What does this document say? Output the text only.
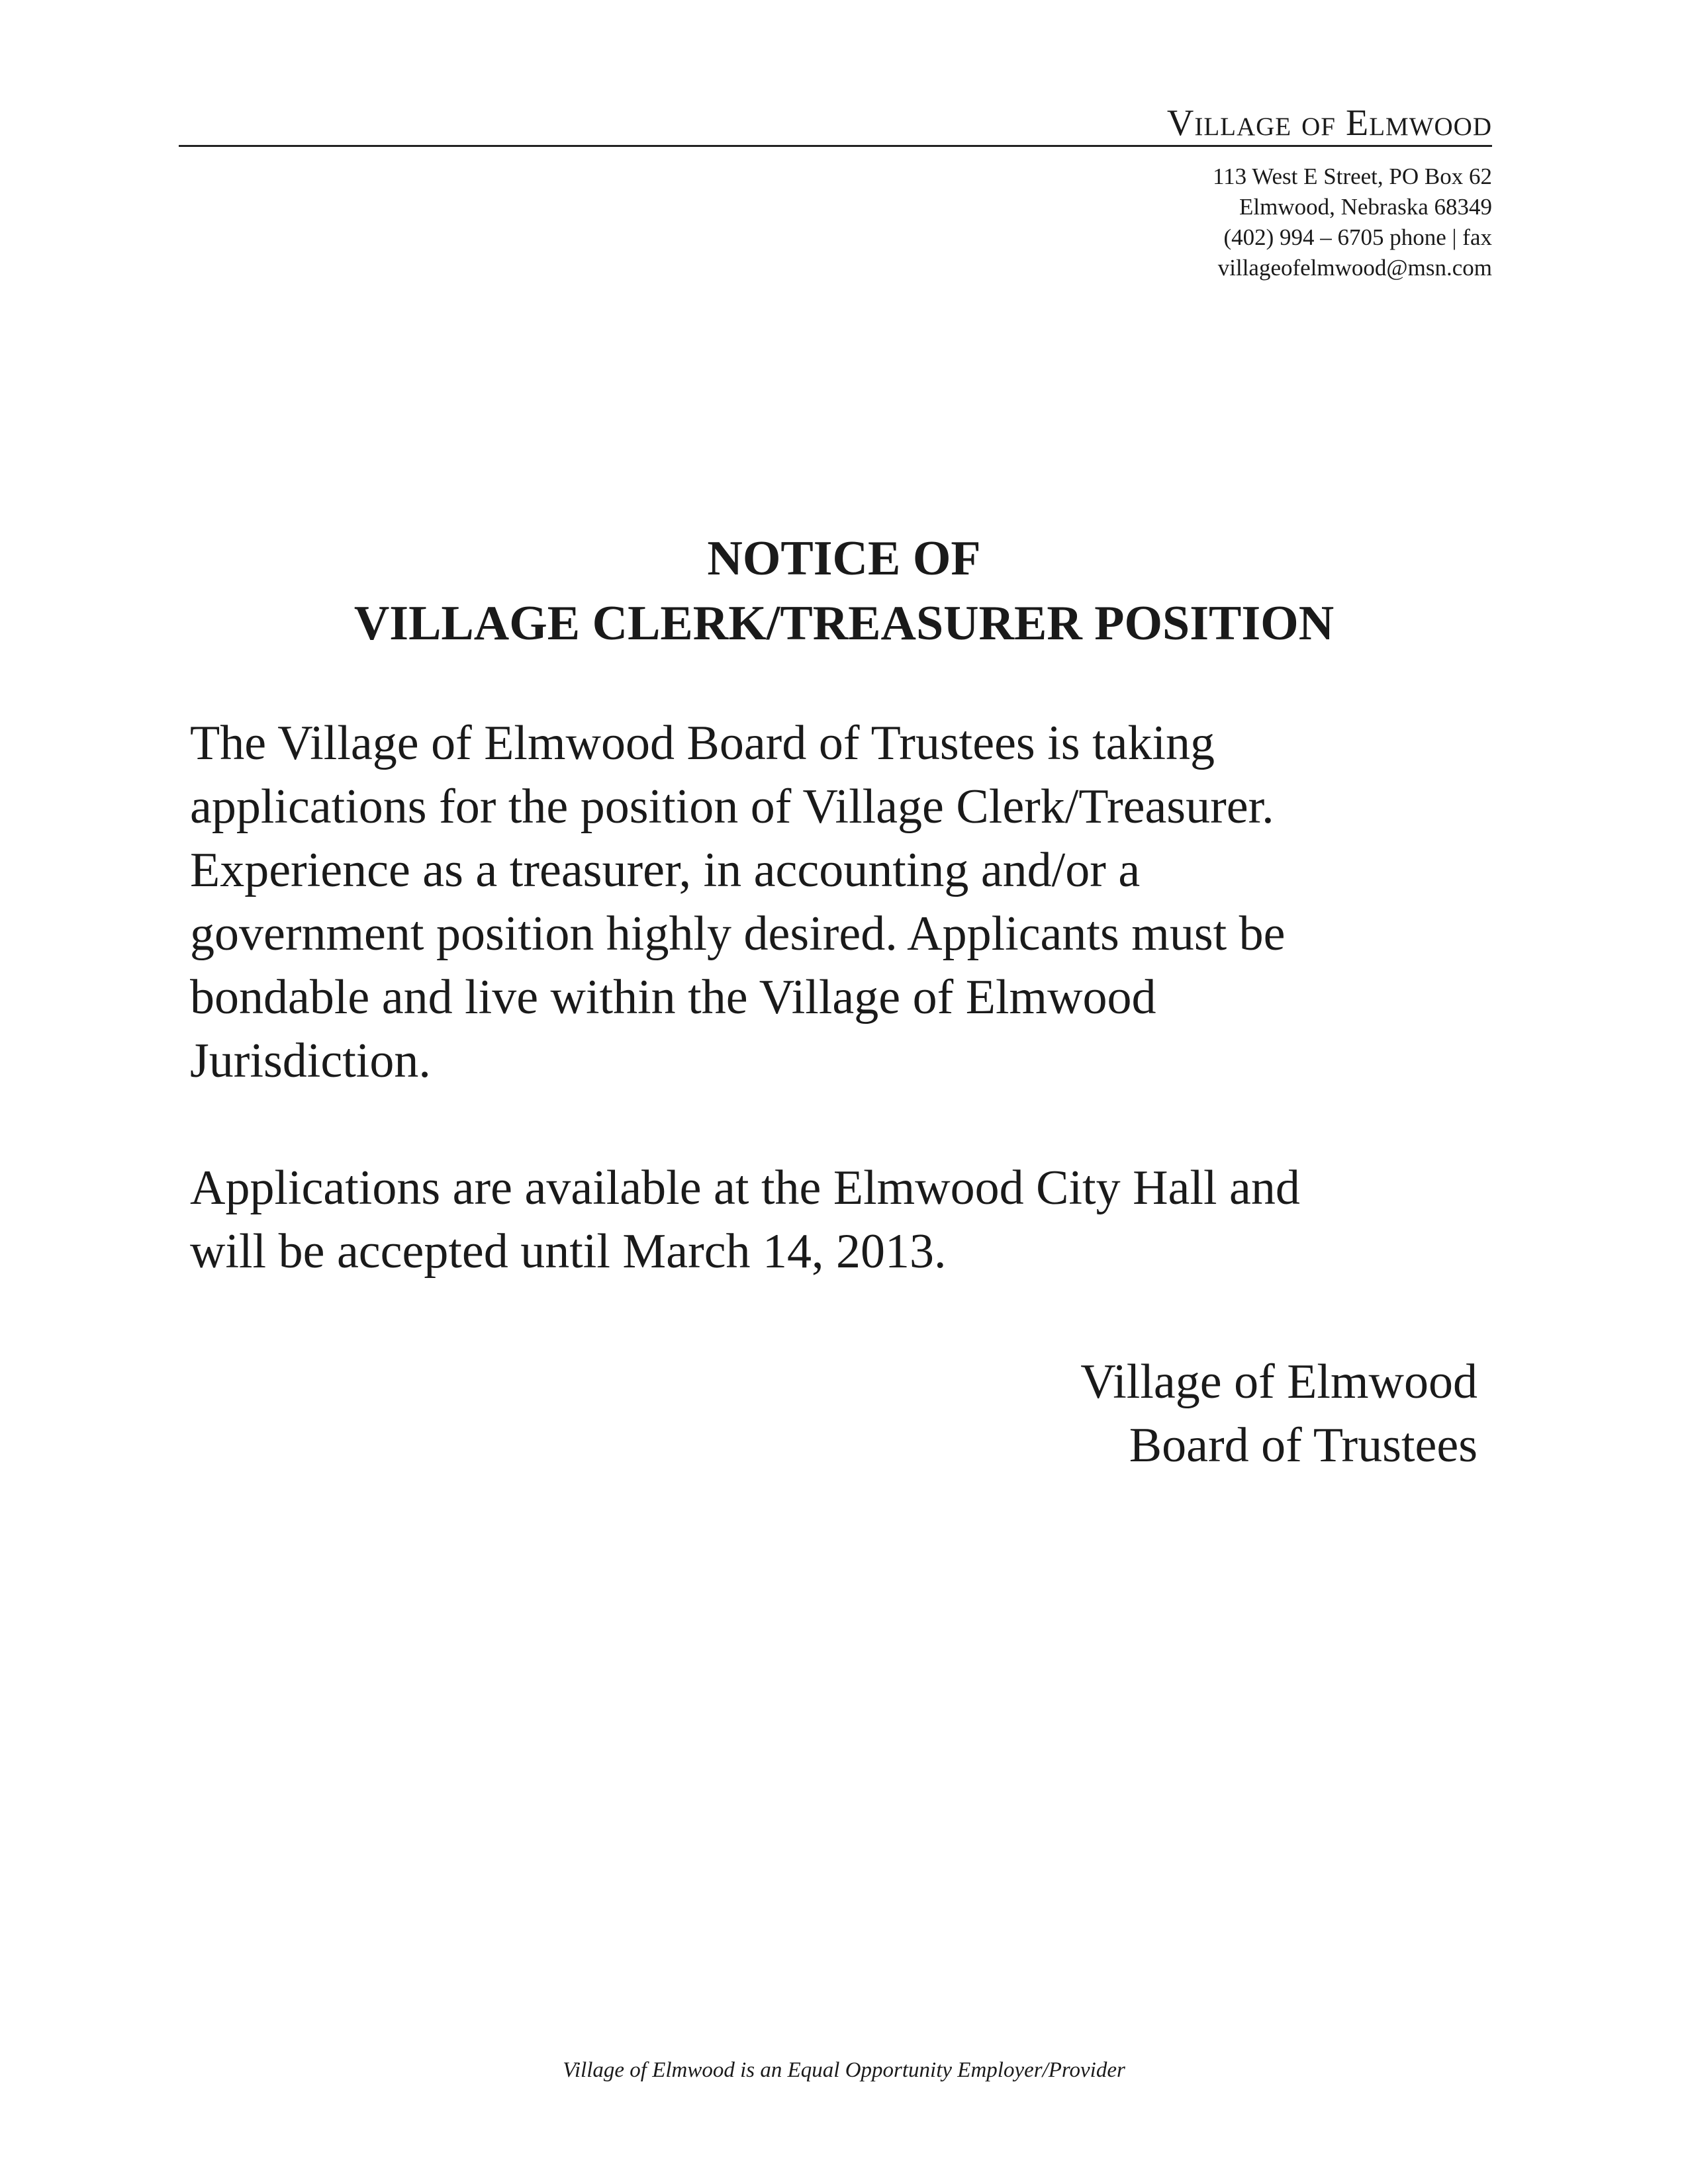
Village of Elmwood
113 West E Street, PO Box 62
Elmwood, Nebraska 68349
(402) 994 – 6705 phone | fax
villageofelmwood@msn.com
NOTICE OF
VILLAGE CLERK/TREASURER POSITION
The Village of Elmwood Board of Trustees is taking
applications for the position of Village Clerk/Treasurer.
Experience as a treasurer, in accounting and/or a
government position highly desired. Applicants must be
bondable and live within the Village of Elmwood
Jurisdiction.
Applications are available at the Elmwood City Hall and
will be accepted until March 14, 2013.
Village of Elmwood
Board of Trustees
Village of Elmwood is an Equal Opportunity Employer/Provider
